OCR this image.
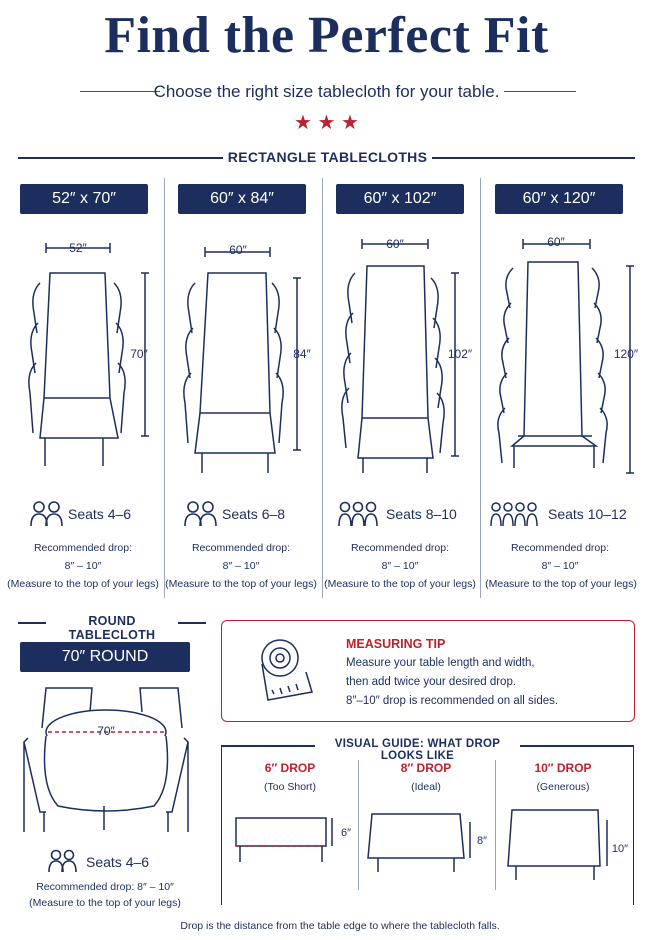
Find the Perfect Fit
Choose the right size tablecloth for your table.
★ ★ ★
RECTANGLE TABLECLOTHS
52″ x 70″	60″ x 84″	60″ x 102″	60″ x 120″
52″
70″
60″
84″
60″
102″
60″
120″
Seats 4–6	Seats 6–8	Seats 8–10	Seats 10–12
Recommended drop:
8″ – 10″
(Measure to the top of your legs)
Recommended drop:
8″ – 10″
(Measure to the top of your legs)
Recommended drop:
8″ – 10″
(Measure to the top of your legs)
Recommended drop:
8″ – 10″
(Measure to the top of your legs)
ROUND TABLECLOTH
70″ ROUND
70″
Seats 4–6
Recommended drop: 8″ – 10″
(Measure to the top of your legs)
MEASURING TIP
Measure your table length and width,
then add twice your desired drop.
8″–10″ drop is recommended on all sides.
VISUAL GUIDE: WHAT DROP LOOKS LIKE
6″ DROP
(Too Short)
8″ DROP
(Ideal)
10″ DROP
(Generous)
6″
8″
10″
Drop is the distance from the table edge to where the tablecloth falls.
